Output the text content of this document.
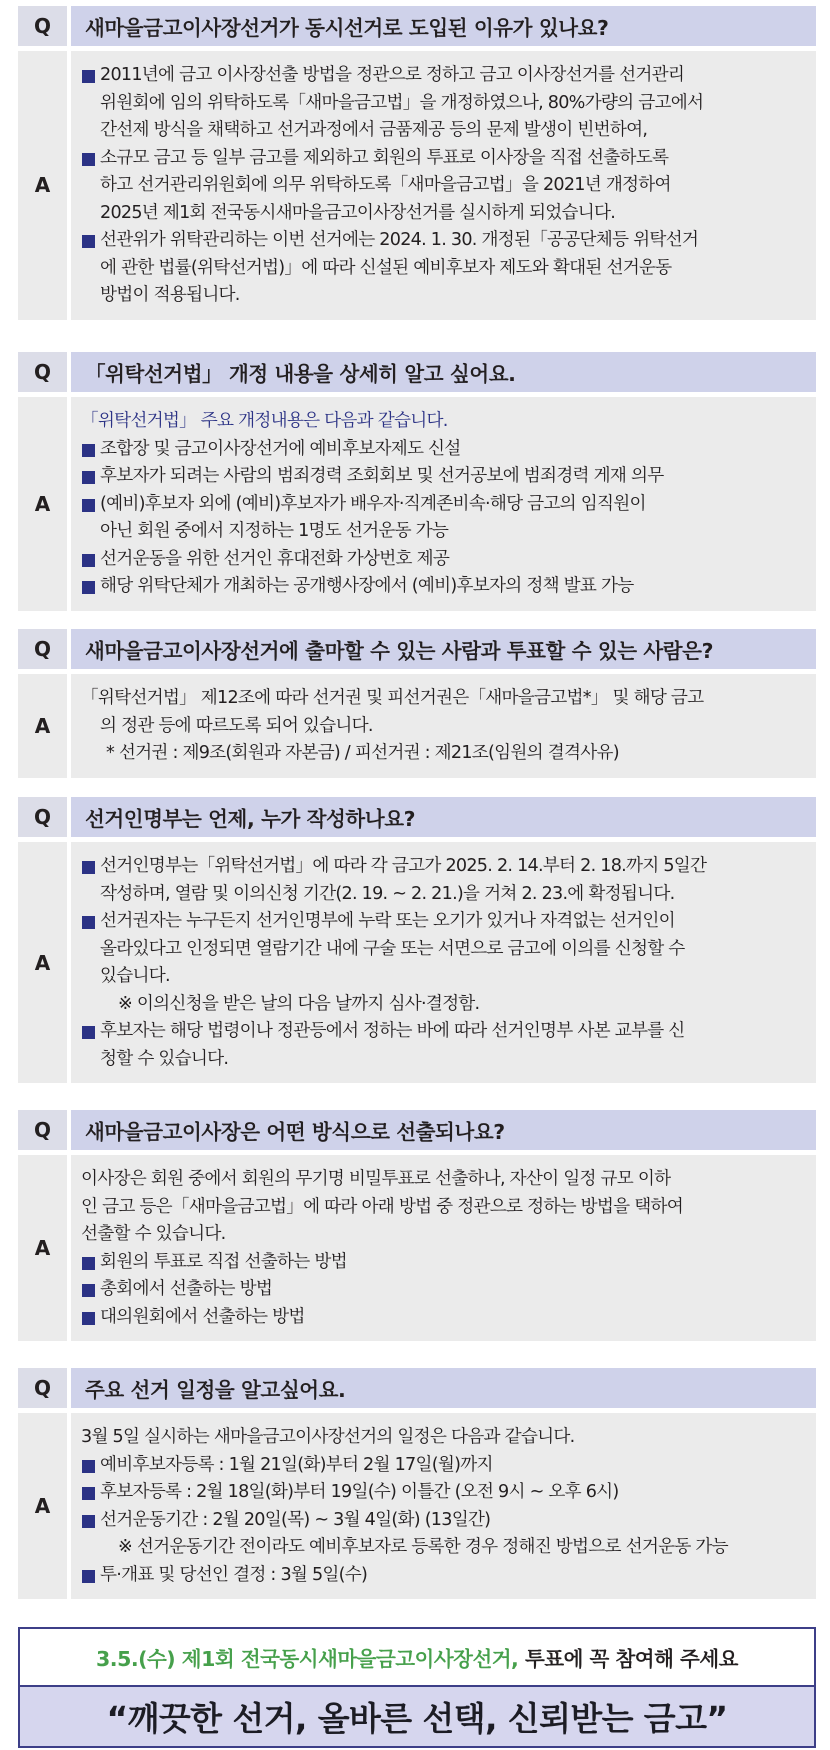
Q	새마을금고이사장선거가 동시선거로 도입된 이유가 있나요?
A
2011년에 금고 이사장선출 방법을 정관으로 정하고 금고 이사장선거를 선거관리
위원회에 임의 위탁하도록「새마을금고법」을 개정하였으나, 80%가량의 금고에서
간선제 방식을 채택하고 선거과정에서 금품제공 등의 문제 발생이 빈번하여,
소규모 금고 등 일부 금고를 제외하고 회원의 투표로 이사장을 직접 선출하도록
하고 선거관리위원회에 의무 위탁하도록「새마을금고법」을 2021년 개정하여
2025년 제1회 전국동시새마을금고이사장선거를 실시하게 되었습니다.
선관위가 위탁관리하는 이번 선거에는 2024. 1. 30. 개정된「공공단체등 위탁선거
에 관한 법률(위탁선거법)」에 따라 신설된 예비후보자 제도와 확대된 선거운동
방법이 적용됩니다.
Q	「위탁선거법」 개정 내용을 상세히 알고 싶어요.
A
「위탁선거법」 주요 개정내용은 다음과 같습니다.
조합장 및 금고이사장선거에 예비후보자제도 신설
후보자가 되려는 사람의 범죄경력 조회회보 및 선거공보에 범죄경력 게재 의무
(예비)후보자 외에 (예비)후보자가 배우자·직계존비속·해당 금고의 임직원이
아닌 회원 중에서 지정하는 1명도 선거운동 가능
선거운동을 위한 선거인 휴대전화 가상번호 제공
해당 위탁단체가 개최하는 공개행사장에서 (예비)후보자의 정책 발표 가능
Q	새마을금고이사장선거에 출마할 수 있는 사람과 투표할 수 있는 사람은?
A
「위탁선거법」 제12조에 따라 선거권 및 피선거권은「새마을금고법*」 및 해당 금고
의 정관 등에 따르도록 되어 있습니다.
* 선거권 : 제9조(회원과 자본금) / 피선거권 : 제21조(임원의 결격사유)
Q	선거인명부는 언제, 누가 작성하나요?
A
선거인명부는「위탁선거법」에 따라 각 금고가 2025. 2. 14.부터 2. 18.까지 5일간
작성하며, 열람 및 이의신청 기간(2. 19. ~ 2. 21.)을 거쳐 2. 23.에 확정됩니다.
선거권자는 누구든지 선거인명부에 누락 또는 오기가 있거나 자격없는 선거인이
올라있다고 인정되면 열람기간 내에 구술 또는 서면으로 금고에 이의를 신청할 수
있습니다.
※ 이의신청을 받은 날의 다음 날까지 심사·결정함.
후보자는 해당 법령이나 정관등에서 정하는 바에 따라 선거인명부 사본 교부를 신
청할 수 있습니다.
Q	새마을금고이사장은 어떤 방식으로 선출되나요?
A
이사장은 회원 중에서 회원의 무기명 비밀투표로 선출하나, 자산이 일정 규모 이하
인 금고 등은「새마을금고법」에 따라 아래 방법 중 정관으로 정하는 방법을 택하여
선출할 수 있습니다.
회원의 투표로 직접 선출하는 방법
총회에서 선출하는 방법
대의원회에서 선출하는 방법
Q	주요 선거 일정을 알고싶어요.
A
3월 5일 실시하는 새마을금고이사장선거의 일정은 다음과 같습니다.
예비후보자등록 : 1월 21일(화)부터 2월 17일(월)까지
후보자등록 : 2월 18일(화)부터 19일(수) 이틀간 (오전 9시 ~ 오후 6시)
선거운동기간 : 2월 20일(목) ~ 3월 4일(화) (13일간)
※ 선거운동기간 전이라도 예비후보자로 등록한 경우 정해진 방법으로 선거운동 가능
투·개표 및 당선인 결정 : 3월 5일(수)
3.5.(수) 제1회 전국동시새마을금고이사장선거,
투표에 꼭 참여해 주세요
“깨끗한 선거, 올바른 선택, 신뢰받는 금고”
